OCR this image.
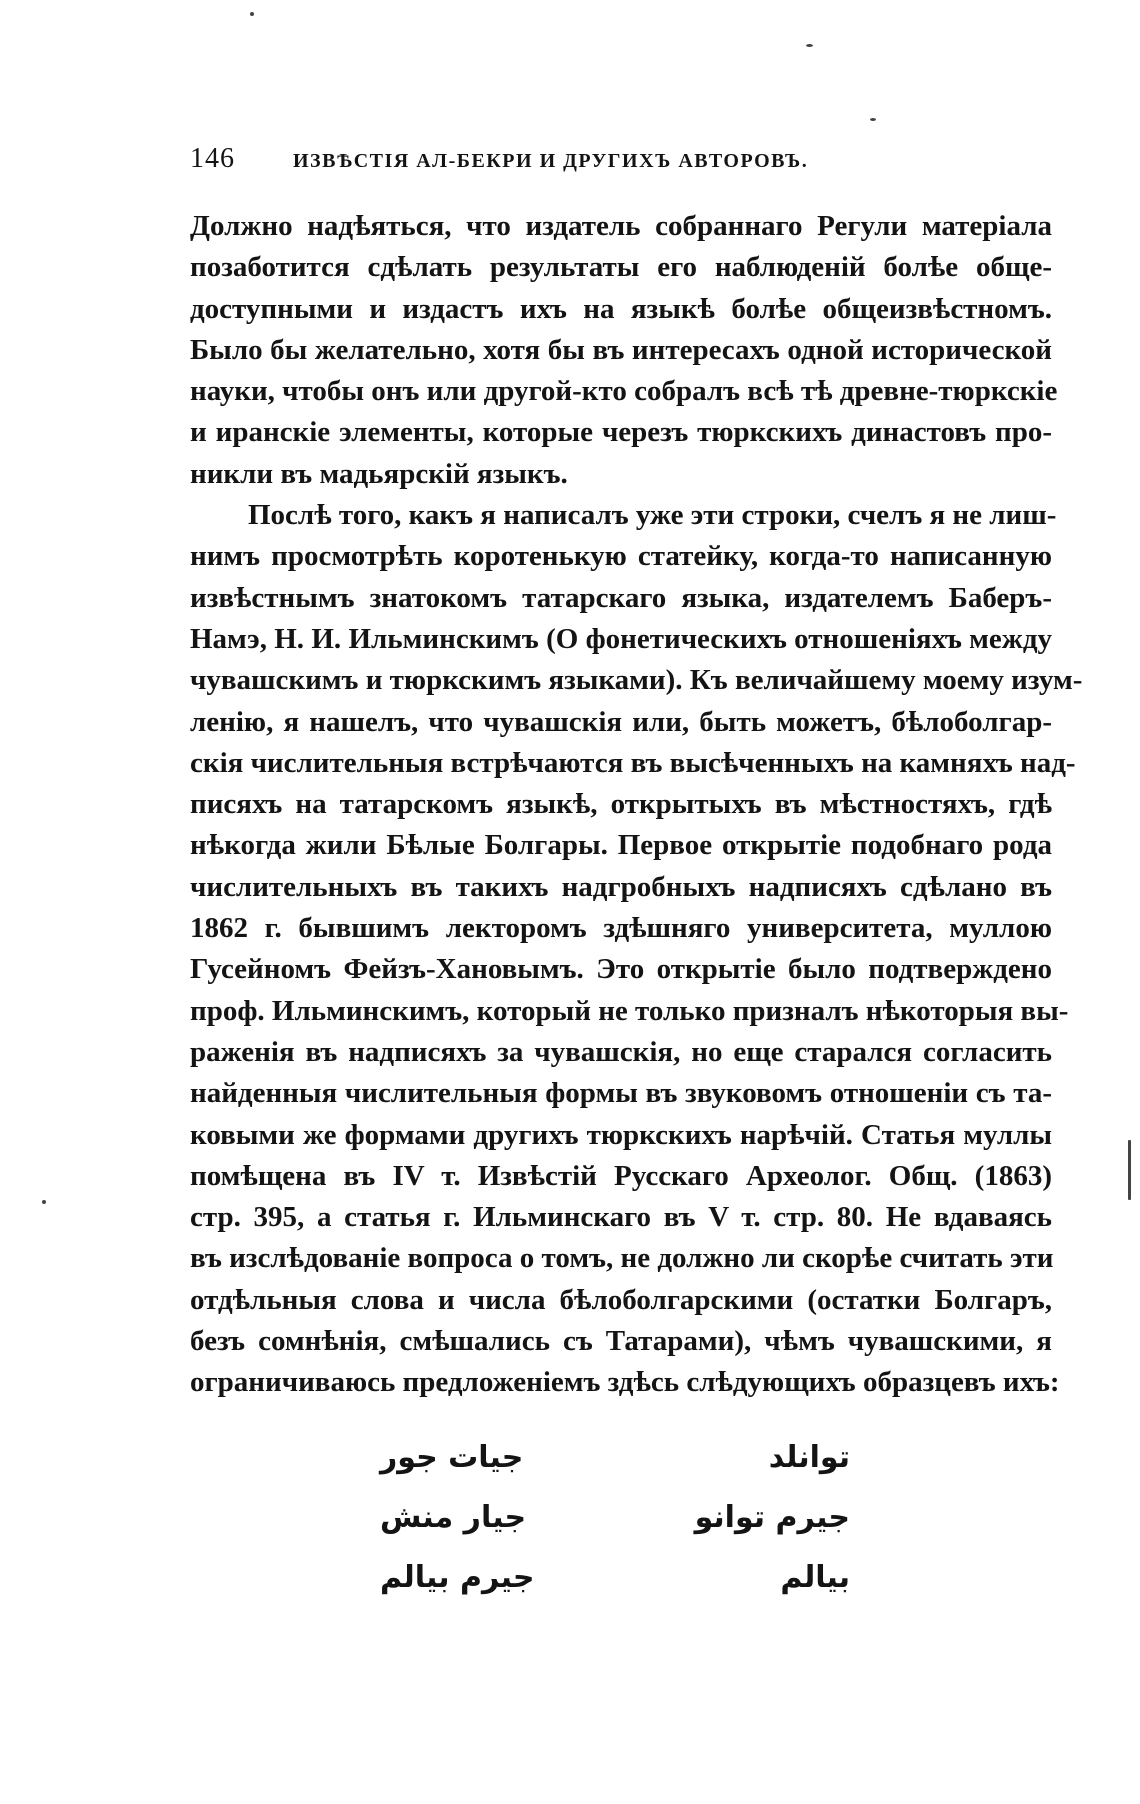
146	ИЗВѢСТІЯ АЛ-БЕКРИ И ДРУГИХЪ АВТОРОВЪ.
Должно надѣяться, что издатель собраннаго Регули матеріала
позаботится сдѣлать результаты его наблюденій болѣе обще-
доступными и издастъ ихъ на языкѣ болѣе общеизвѣстномъ.
Было бы желательно, хотя бы въ интересахъ одной исторической
науки, чтобы онъ или другой-кто собралъ всѣ тѣ древне-тюркскіе
и иранскіе элементы, которые черезъ тюркскихъ династовъ про-
никли въ мадьярскій языкъ.
Послѣ того, какъ я написалъ уже эти строки, счелъ я не лиш-
нимъ просмотрѣть коротенькую статейку, когда-то написанную
извѣстнымъ знатокомъ татарскаго языка, издателемъ Баберъ-
Намэ, Н. И. Ильминскимъ (О фонетическихъ отношеніяхъ между
чувашскимъ и тюркскимъ языками). Къ величайшему моему изум-
ленію, я нашелъ, что чувашскія или, быть можетъ, бѣлоболгар-
скія числительныя встрѣчаются въ высѣченныхъ на камняхъ над-
писяхъ на татарскомъ языкѣ, открытыхъ въ мѣстностяхъ, гдѣ
нѣкогда жили Бѣлые Болгары. Первое открытіе подобнаго рода
числительныхъ въ такихъ надгробныхъ надписяхъ сдѣлано въ
1862 г. бывшимъ лекторомъ здѣшняго университета, муллою
Гусейномъ Фейзъ-Хановымъ. Это открытіе было подтверждено
проф. Ильминскимъ, который не только призналъ нѣкоторыя вы-
раженія въ надписяхъ за чувашскія, но еще старался согласить
найденныя числительныя формы въ звуковомъ отношеніи съ та-
ковыми же формами другихъ тюркскихъ нарѣчій. Статья муллы
помѣщена въ IV т. Извѣстій Русскаго Археолог. Общ. (1863)
стр. 395, а статья г. Ильминскаго въ V т. стр. 80. Не вдаваясь
въ изслѣдованіе вопроса о томъ, не должно ли скорѣе считать эти
отдѣльныя слова и числа бѣлоболгарскими (остатки Болгаръ,
безъ сомнѣнія, смѣшались съ Татарами), чѣмъ чувашскими, я
ограничиваюсь предложеніемъ здѣсь слѣдующихъ образцевъ ихъ:
توانلد
جيات جور
جيرم توانو
جيار منش
بيالم
جيرم بيالم
